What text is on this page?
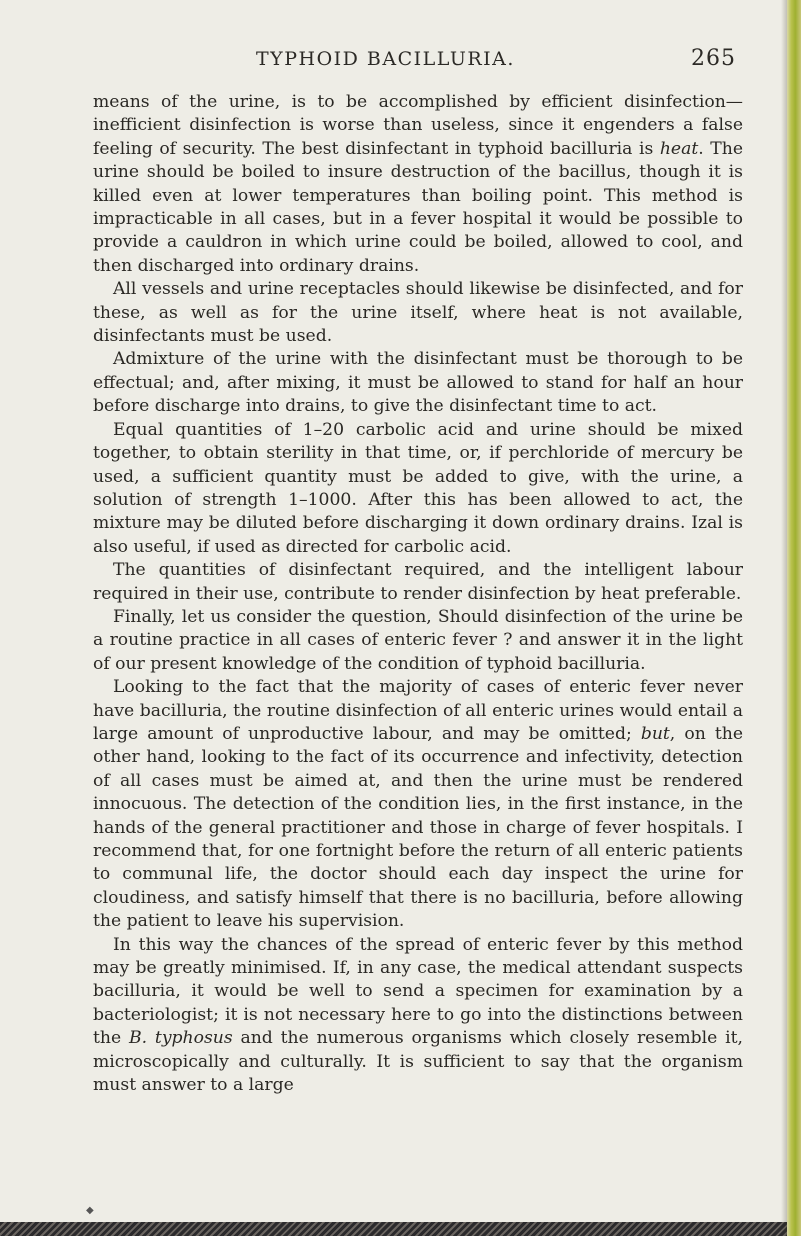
TYPHOID BACILLURIA.	265

means of the urine, is to be accomplished by efficient disinfection—inefficient disinfection is worse than useless, since it engenders a false feeling of security. The best disinfectant in typhoid bacilluria is heat. The urine should be boiled to insure destruction of the bacillus, though it is killed even at lower temperatures than boiling point. This method is impracticable in all cases, but in a fever hospital it would be possible to provide a cauldron in which urine could be boiled, allowed to cool, and then discharged into ordinary drains.

All vessels and urine receptacles should likewise be disinfected, and for these, as well as for the urine itself, where heat is not available, disinfectants must be used.

Admixture of the urine with the disinfectant must be thorough to be effectual; and, after mixing, it must be allowed to stand for half an hour before discharge into drains, to give the disinfectant time to act.

Equal quantities of 1–20 carbolic acid and urine should be mixed together, to obtain sterility in that time, or, if perchloride of mercury be used, a sufficient quantity must be added to give, with the urine, a solution of strength 1–1000. After this has been allowed to act, the mixture may be diluted before discharging it down ordinary drains. Izal is also useful, if used as directed for carbolic acid.

The quantities of disinfectant required, and the intelligent labour required in their use, contribute to render disinfection by heat preferable.

Finally, let us consider the question, Should disinfection of the urine be a routine practice in all cases of enteric fever ? and answer it in the light of our present knowledge of the condition of typhoid bacilluria.

Looking to the fact that the majority of cases of enteric fever never have bacilluria, the routine disinfection of all enteric urines would entail a large amount of unproductive labour, and may be omitted; but, on the other hand, looking to the fact of its occurrence and infectivity, detection of all cases must be aimed at, and then the urine must be rendered innocuous. The detection of the condition lies, in the first instance, in the hands of the general practitioner and those in charge of fever hospitals. I recommend that, for one fortnight before the return of all enteric patients to communal life, the doctor should each day inspect the urine for cloudiness, and satisfy himself that there is no bacilluria, before allowing the patient to leave his supervision.

In this way the chances of the spread of enteric fever by this method may be greatly minimised. If, in any case, the medical attendant suspects bacilluria, it would be well to send a specimen for examination by a bacteriologist; it is not necessary here to go into the distinctions between the B. typhosus and the numerous organisms which closely resemble it, microscopically and culturally. It is sufficient to say that the organism must answer to a large

◆
